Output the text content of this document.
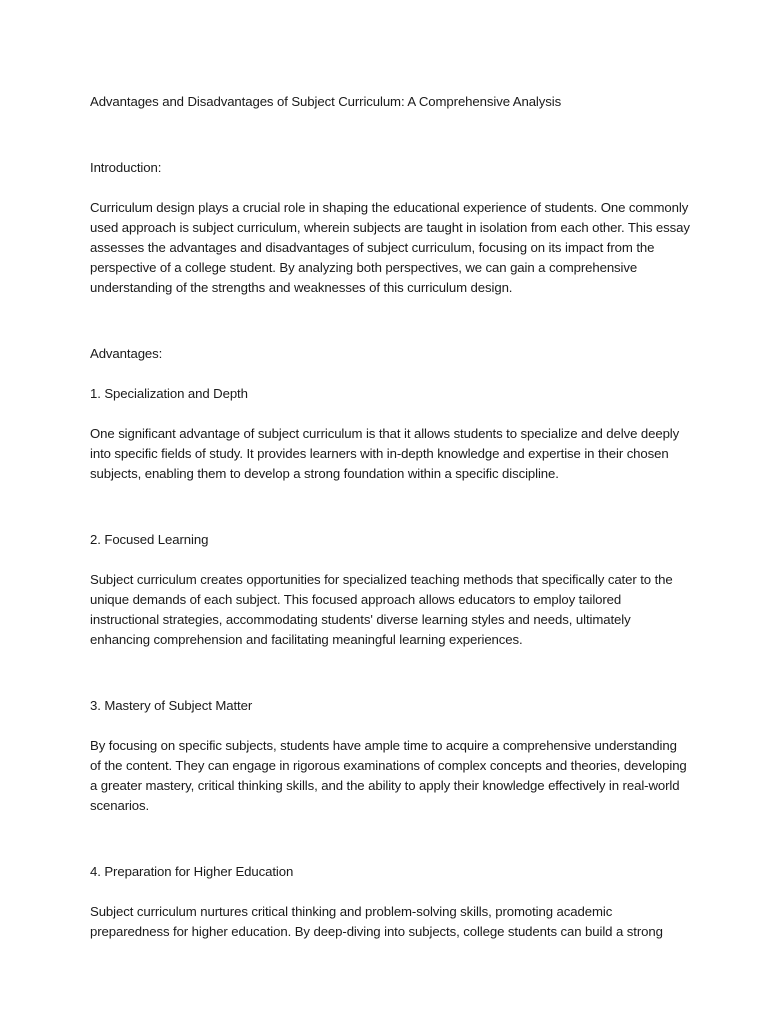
Advantages and Disadvantages of Subject Curriculum: A Comprehensive Analysis

Introduction:

Curriculum design plays a crucial role in shaping the educational experience of students. One commonly used approach is subject curriculum, wherein subjects are taught in isolation from each other. This essay assesses the advantages and disadvantages of subject curriculum, focusing on its impact from the perspective of a college student. By analyzing both perspectives, we can gain a comprehensive understanding of the strengths and weaknesses of this curriculum design.

Advantages:

1. Specialization and Depth

One significant advantage of subject curriculum is that it allows students to specialize and delve deeply into specific fields of study. It provides learners with in-depth knowledge and expertise in their chosen subjects, enabling them to develop a strong foundation within a specific discipline.

2. Focused Learning

Subject curriculum creates opportunities for specialized teaching methods that specifically cater to the unique demands of each subject. This focused approach allows educators to employ tailored instructional strategies, accommodating students' diverse learning styles and needs, ultimately enhancing comprehension and facilitating meaningful learning experiences.

3. Mastery of Subject Matter

By focusing on specific subjects, students have ample time to acquire a comprehensive understanding of the content. They can engage in rigorous examinations of complex concepts and theories, developing a greater mastery, critical thinking skills, and the ability to apply their knowledge effectively in real-world scenarios.

4. Preparation for Higher Education

Subject curriculum nurtures critical thinking and problem-solving skills, promoting academic preparedness for higher education. By deep-diving into subjects, college students can build a strong
